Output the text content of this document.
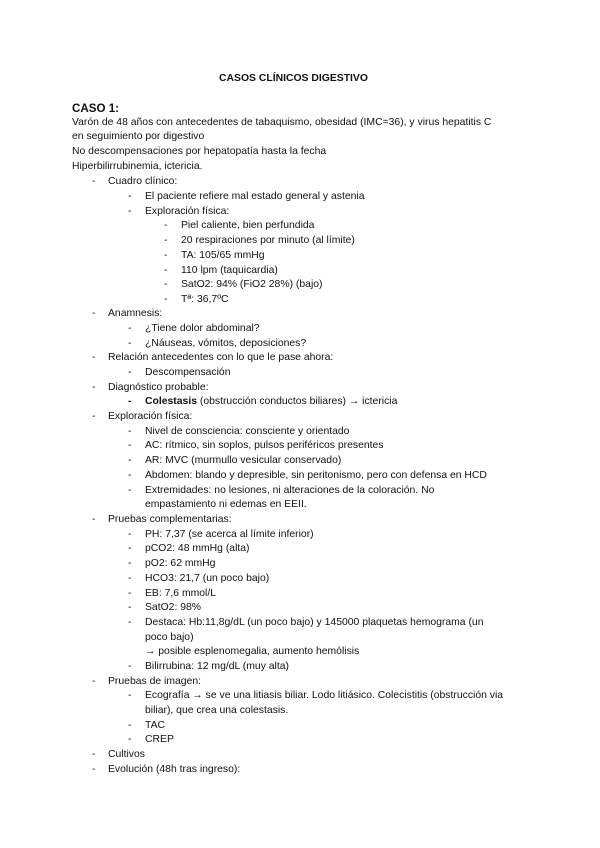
CASOS CLÍNICOS DIGESTIVO
CASO 1:
Varón de 48 años con antecedentes de tabaquismo, obesidad (IMC=36), y virus hepatitis C
en seguimiento por digestivo
No descompensaciones por hepatopatía hasta la fecha
Hiperbilirrubinemia, ictericia.
- Cuadro clínico:
- El paciente refiere mal estado general y astenia
- Exploración física:
- Piel caliente, bien perfundida
- 20 respiraciones por minuto (al límite)
- TA: 105/65 mmHg
- 110 lpm (taquicardia)
- SatO2: 94% (FiO2 28%) (bajo)
- Tª: 36,7ºC
- Anamnesis:
- ¿Tiene dolor abdominal?
- ¿Náuseas, vómitos, deposiciones?
- Relación antecedentes con lo que le pase ahora:
- Descompensación
- Diagnóstico probable:
- Colestasis (obstrucción conductos biliares) → ictericia
- Exploración física:
- Nivel de consciencia: consciente y orientado
- AC: rítmico, sin soplos, pulsos periféricos presentes
- AR: MVC (murmullo vesicular conservado)
- Abdomen: blando y depresible, sin peritonismo, pero con defensa en HCD
- Extremidades: no lesiones, ni alteraciones de la coloración. No
empastamiento ni edemas en EEII.
- Pruebas complementarias:
- PH: 7,37 (se acerca al límite inferior)
- pCO2: 48 mmHg (alta)
- pO2: 62 mmHg
- HCO3: 21,7 (un poco bajo)
- EB: 7,6 mmol/L
- SatO2: 98%
- Destaca: Hb:11,8g/dL (un poco bajo) y 145000 plaquetas hemograma (un
poco bajo)
→ posible esplenomegalia, aumento hemólisis
- Bilirrubina: 12 mg/dL (muy alta)
- Pruebas de imagen:
- Ecografía → se ve una litiasis biliar. Lodo litiásico. Colecistitis (obstrucción via
biliar), que crea una colestasis.
- TAC
- CREP
- Cultivos
- Evolución (48h tras ingreso):
